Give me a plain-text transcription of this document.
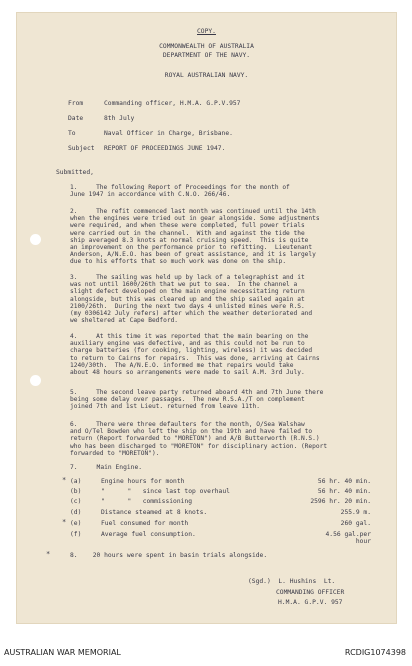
COPY.
COMMONWEALTH OF AUSTRALIA
DEPARTMENT OF THE NAVY.
ROYAL AUSTRALIAN NAVY.
From	Commanding officer, H.M.A. G.P.V.957
Date	8th July
To	Naval Officer in Charge, Brisbane.
Subject REPORT OF PROCEEDINGS JUNE 1947.
Submitted,
1.     The following Report of Proceedings for the month of
June 1947 in accordance with C.N.O. 266/46.
2.     The refit commenced last month was continued until the 14th
when the engines were tried out in gear alongside. Some adjustments
were required, and when these were completed, full power trials
were carried out in the channel.  With and against the tide the
ship averaged 8.3 knots at normal cruising speed.  This is quite
an improvement on the performance prior to refitting.  Lieutenant
Anderson, A/N.E.O. has been of great assistance, and it is largely
due to his efforts that so much work was done on the ship.
3.     The sailing was held up by lack of a telegraphist and it
was not until 1600/26th that we put to sea.  In the channel a
slight defect developed on the main engine necessitating return
alongside, but this was cleared up and the ship sailed again at
2100/26th.  During the next two days 4 unlisted mines were R.S.
(my 0306142 July refers) after which the weather deteriorated and
we sheltered at Cape Bedford.
4.     At this time it was reported that the main bearing on the
auxiliary engine was defective, and as this could not be run to
charge batteries (for cooking, lighting, wireless) it was decided
to return to Cairns for repairs.  This was done, arriving at Cairns
1240/30th.  The A/N.E.O. informed me that repairs would take
about 48 hours so arrangements were made to sail A.M. 3rd July.
5.     The second leave party returned aboard 4th and 7th June there
being some delay over passages.  The new R.S.A./T on complement
joined 7th and 1st Lieut. returned from leave 11th.
6.     There were three defaulters for the month, O/Sea Walshaw
and O/Tel Bowden who left the ship on the 19th and have failed to
return (Report forwarded to "MORETON") and A/B Butterworth (R.N.S.)
who has been discharged to "MORETON" for disciplinary action. (Report
forwarded to "MORETON").
7.     Main Engine.
* (a)	Engine hours for month	56 hr. 40 min.
(b)	"      "   since last top overhaul	56 hr. 40 min.
(c)	"      "   commissioning	2596 hr. 20 min.
(d)	Distance steamed at 8 knots.	255.9 m.
* (e)	Fuel consumed for month	260 gal.
(f)	Average fuel consumption.	4.56 gal.per
hour
*	8.    20 hours were spent in basin trials alongside.
(Sgd.)  L. Hushins  Lt.
COMMANDING OFFICER
H.M.A. G.P.V. 957
AUSTRALIAN WAR MEMORIAL	RCDIG1074398
